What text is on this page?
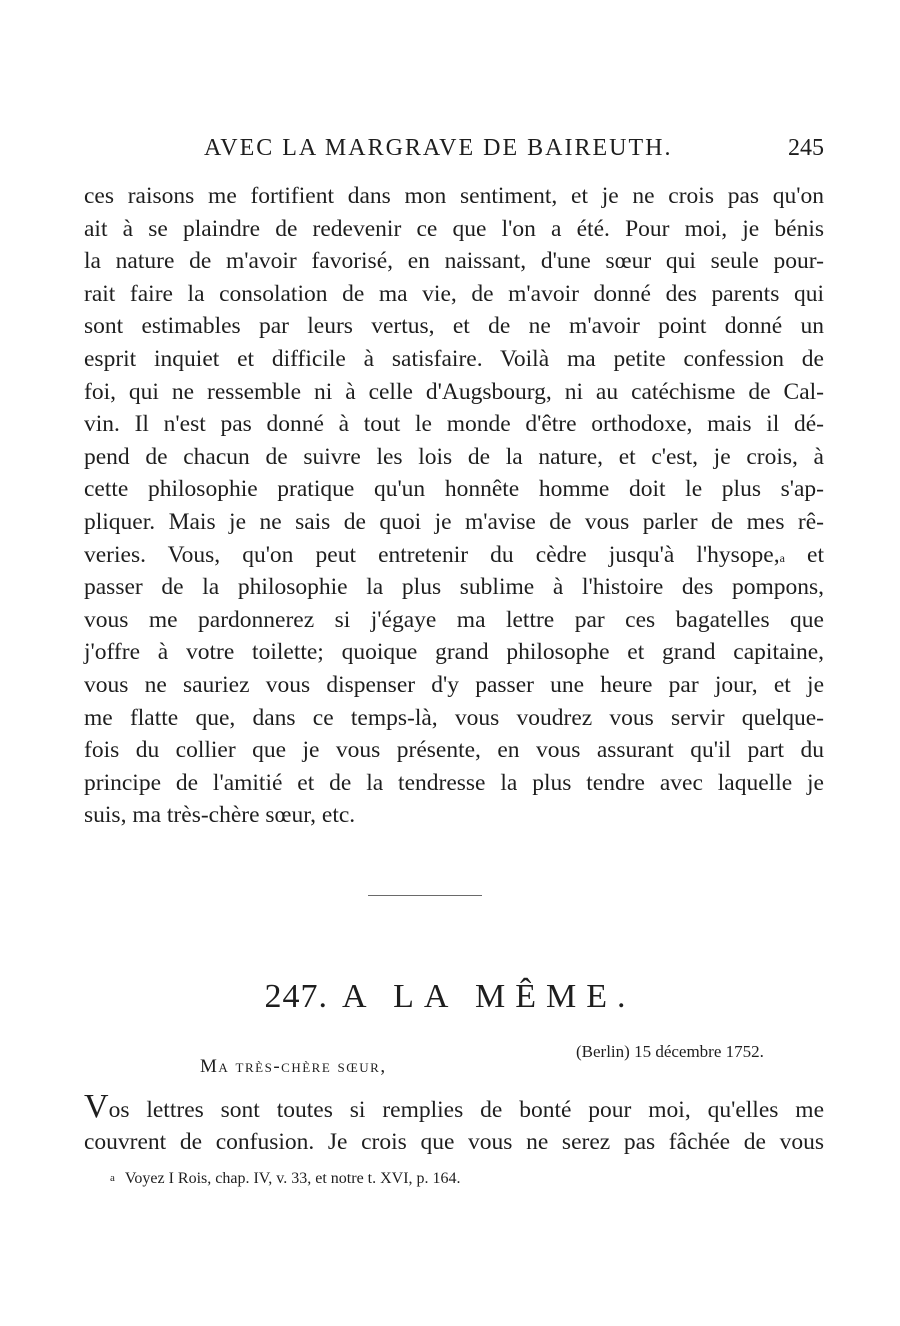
AVEC LA MARGRAVE DE BAIREUTH.	245
ces raisons me fortifient dans mon sentiment, et je ne crois pas qu'on
ait à se plaindre de redevenir ce que l'on a été. Pour moi, je bénis
la nature de m'avoir favorisé, en naissant, d'une sœur qui seule pour-
rait faire la consolation de ma vie, de m'avoir donné des parents qui
sont estimables par leurs vertus, et de ne m'avoir point donné un
esprit inquiet et difficile à satisfaire. Voilà ma petite confession de
foi, qui ne ressemble ni à celle d'Augsbourg, ni au catéchisme de Cal-
vin. Il n'est pas donné à tout le monde d'être orthodoxe, mais il dé-
pend de chacun de suivre les lois de la nature, et c'est, je crois, à
cette philosophie pratique qu'un honnête homme doit le plus s'ap-
pliquer. Mais je ne sais de quoi je m'avise de vous parler de mes rê-
veries. Vous, qu'on peut entretenir du cèdre jusqu'à l'hysope,$^a$ et
passer de la philosophie la plus sublime à l'histoire des pompons,
vous me pardonnerez si j'égaye ma lettre par ces bagatelles que
j'offre à votre toilette; quoique grand philosophe et grand capitaine,
vous ne sauriez vous dispenser d'y passer une heure par jour, et je
me flatte que, dans ce temps-là, vous voudrez vous servir quelque-
fois du collier que je vous présente, en vous assurant qu'il part du
principe de l'amitié et de la tendresse la plus tendre avec laquelle je
suis, ma très-chère sœur, etc.
247. A LA MÊME.
(Berlin) 15 décembre 1752.
Ma très-chère sœur,
Vos lettres sont toutes si remplies de bonté pour moi, qu'elles me
couvrent de confusion. Je crois que vous ne serez pas fâchée de vous
$^a$ Voyez I Rois, chap. IV, v. 33, et notre t. XVI, p. 164.
